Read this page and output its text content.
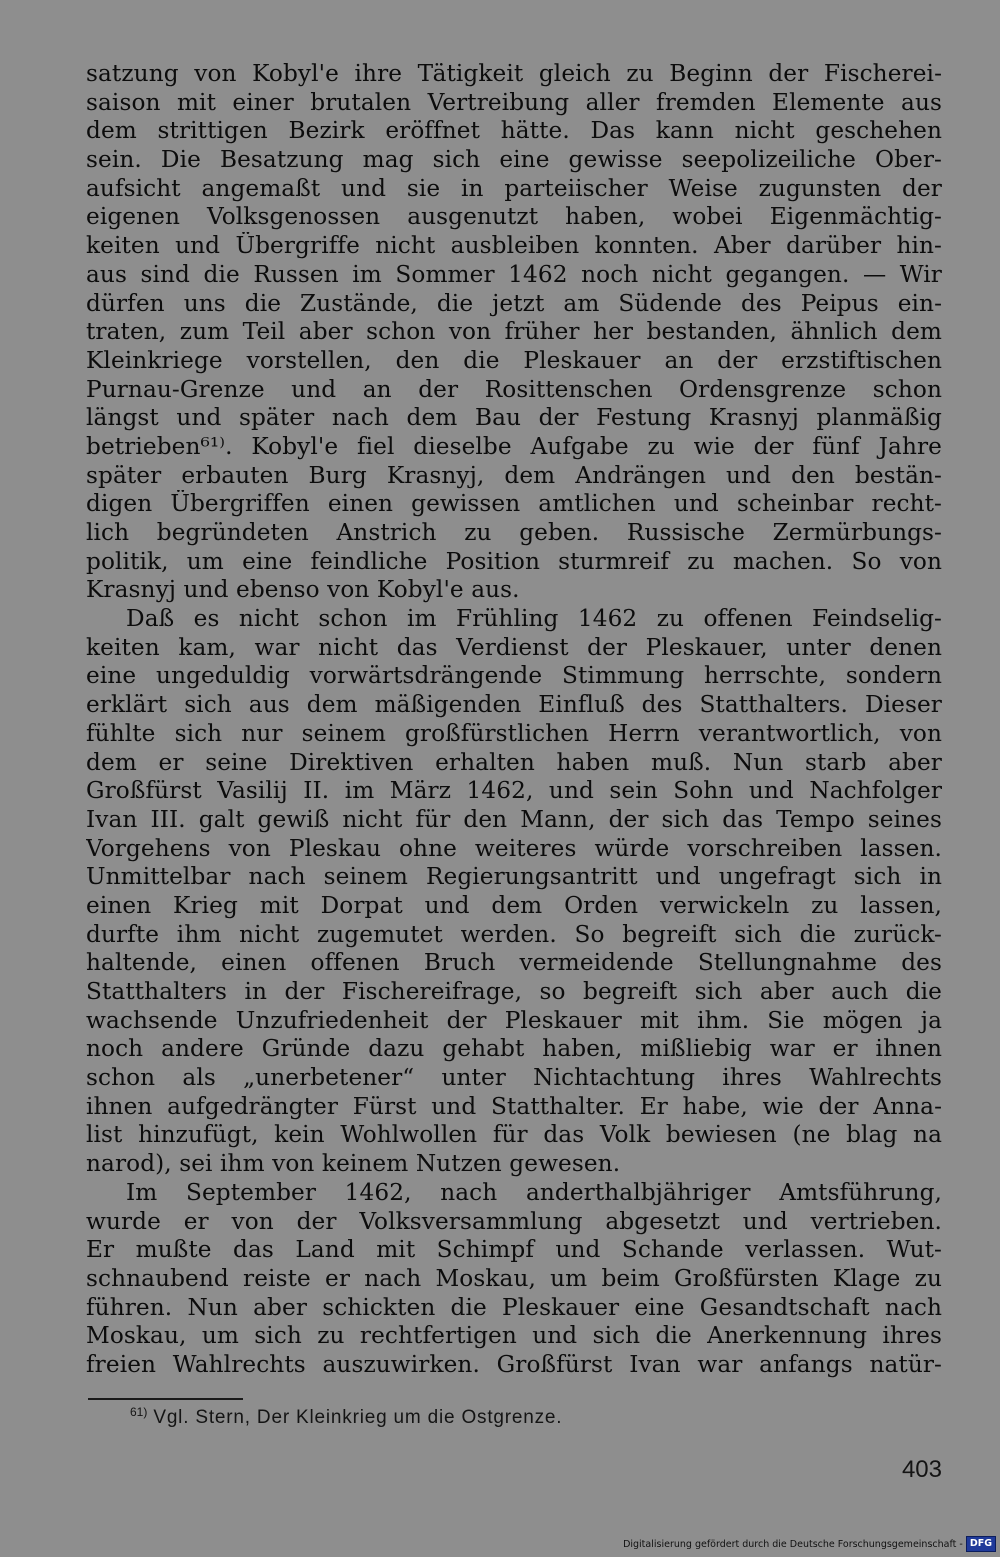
satzung von Kobyl'e ihre Tätigkeit gleich zu Beginn der Fischerei-
saison mit einer brutalen Vertreibung aller fremden Elemente aus
dem strittigen Bezirk eröffnet hätte. Das kann nicht geschehen
sein. Die Besatzung mag sich eine gewisse seepolizeiliche Ober-
aufsicht angemaßt und sie in parteiischer Weise zugunsten der
eigenen Volksgenossen ausgenutzt haben, wobei Eigenmächtig-
keiten und Übergriffe nicht ausbleiben konnten. Aber darüber hin-
aus sind die Russen im Sommer 1462 noch nicht gegangen. — Wir
dürfen uns die Zustände, die jetzt am Südende des Peipus ein-
traten, zum Teil aber schon von früher her bestanden, ähnlich dem
Kleinkriege vorstellen, den die Pleskauer an der erzstiftischen
Purnau-Grenze und an der Rosittenschen Ordensgrenze schon
längst und später nach dem Bau der Festung Krasnyj planmäßig
betrieben⁶¹⁾. Kobyl'e fiel dieselbe Aufgabe zu wie der fünf Jahre
später erbauten Burg Krasnyj, dem Andrängen und den bestän-
digen Übergriffen einen gewissen amtlichen und scheinbar recht-
lich begründeten Anstrich zu geben. Russische Zermürbungs-
politik, um eine feindliche Position sturmreif zu machen. So von
Krasnyj und ebenso von Kobyl'e aus.
Daß es nicht schon im Frühling 1462 zu offenen Feindselig-
keiten kam, war nicht das Verdienst der Pleskauer, unter denen
eine ungeduldig vorwärtsdrängende Stimmung herrschte, sondern
erklärt sich aus dem mäßigenden Einfluß des Statthalters. Dieser
fühlte sich nur seinem großfürstlichen Herrn verantwortlich, von
dem er seine Direktiven erhalten haben muß. Nun starb aber
Großfürst Vasilij II. im März 1462, und sein Sohn und Nachfolger
Ivan III. galt gewiß nicht für den Mann, der sich das Tempo seines
Vorgehens von Pleskau ohne weiteres würde vorschreiben lassen.
Unmittelbar nach seinem Regierungsantritt und ungefragt sich in
einen Krieg mit Dorpat und dem Orden verwickeln zu lassen,
durfte ihm nicht zugemutet werden. So begreift sich die zurück-
haltende, einen offenen Bruch vermeidende Stellungnahme des
Statthalters in der Fischereifrage, so begreift sich aber auch die
wachsende Unzufriedenheit der Pleskauer mit ihm. Sie mögen ja
noch andere Gründe dazu gehabt haben, mißliebig war er ihnen
schon als „unerbetener“ unter Nichtachtung ihres Wahlrechts
ihnen aufgedrängter Fürst und Statthalter. Er habe, wie der Anna-
list hinzufügt, kein Wohlwollen für das Volk bewiesen (ne blag na
narod), sei ihm von keinem Nutzen gewesen.
Im September 1462, nach anderthalbjähriger Amtsführung,
wurde er von der Volksversammlung abgesetzt und vertrieben.
Er mußte das Land mit Schimpf und Schande verlassen. Wut-
schnaubend reiste er nach Moskau, um beim Großfürsten Klage zu
führen. Nun aber schickten die Pleskauer eine Gesandtschaft nach
Moskau, um sich zu rechtfertigen und sich die Anerkennung ihres
freien Wahlrechts auszuwirken. Großfürst Ivan war anfangs natür-
$^{61)}$ Vgl. Stern, Der Kleinkrieg um die Ostgrenze.
403
Digitalisierung gefördert durch die Deutsche Forschungsgemeinschaft - DFG
